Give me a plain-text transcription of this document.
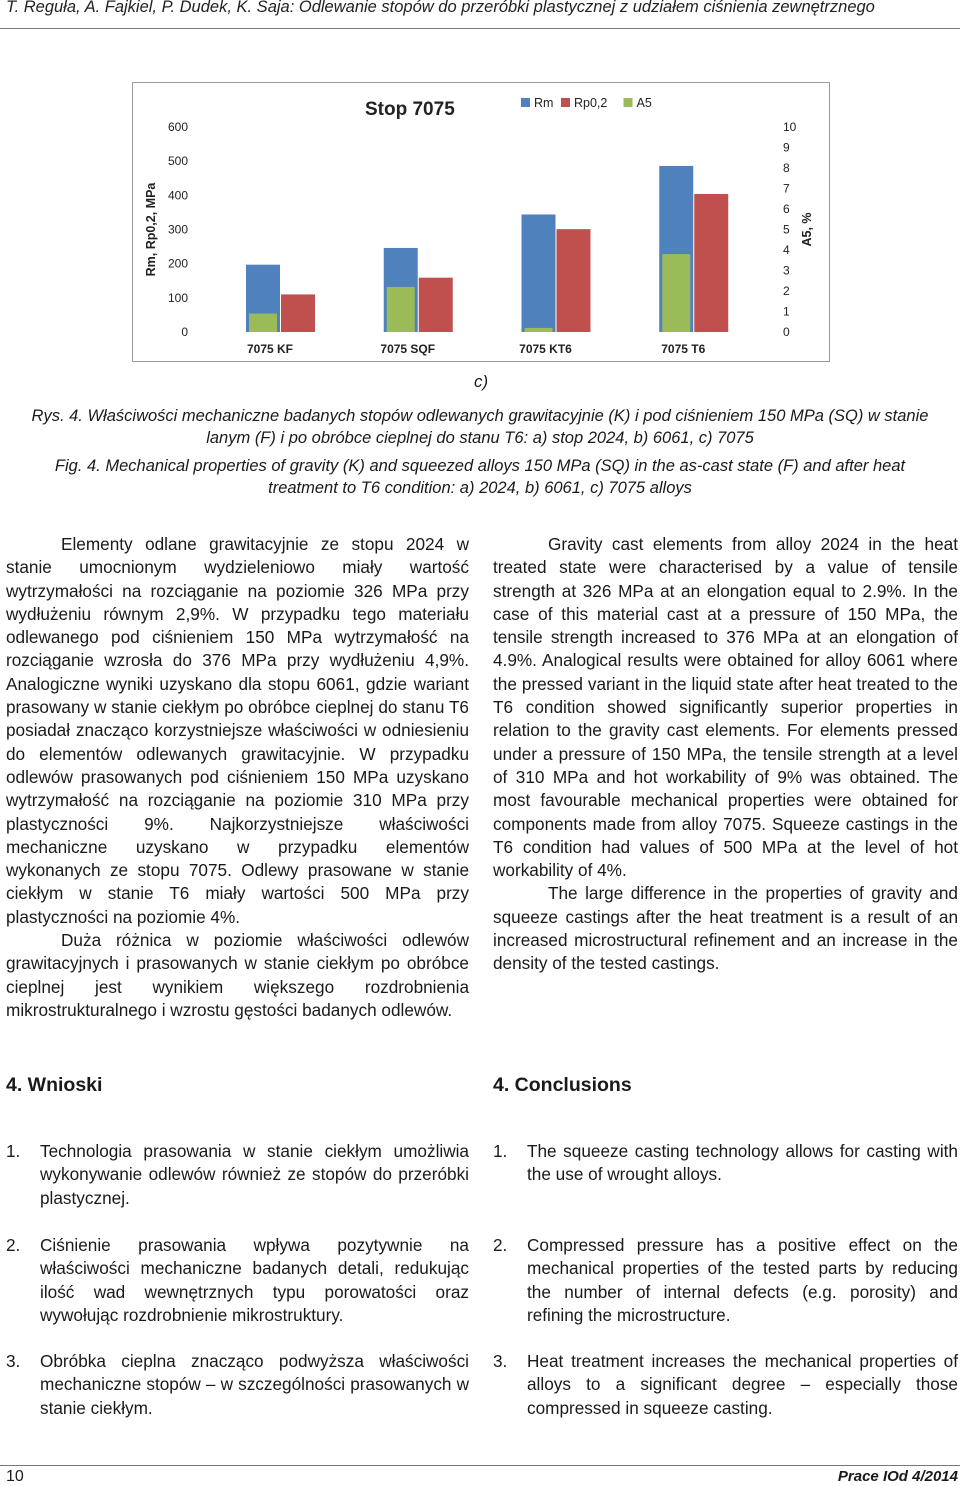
T. Reguła, A. Fajkiel, P. Dudek, K. Saja: Odlewanie stopów do przeróbki plastycznej z udziałem ciśnienia zewnętrznego
Stop 7075	Rm Rp0,2 A5
0
100
200
300
400
500
600
0
1
2
3
4
5
6
7
8
9
10
Rm, Rp0,2, MPa	A5, %
7075 KF	7075 SQF	7075 KT6	7075 T6
c)
Rys. 4. Właściwości mechaniczne badanych stopów odlewanych grawitacyjnie (K) i pod ciśnieniem 150 MPa (SQ) w stanie lanym (F) i po obróbce cieplnej do stanu T6: a) stop 2024, b) 6061, c) 7075
Fig. 4. Mechanical properties of gravity (K) and squeezed alloys 150 MPa (SQ) in the as-cast state (F) and after heat treatment to T6 condition: a) 2024, b) 6061, c) 7075 alloys

Elementy odlane grawitacyjnie ze stopu 2024 w stanie umocnionym wydzieleniowo miały wartość wytrzymałości na rozciąganie na poziomie 326 MPa przy wydłużeniu równym 2,9%. W przypadku tego materiału odlewanego pod ciśnieniem 150 MPa wytrzymałość na rozciąganie wzrosła do 376 MPa przy wydłużeniu 4,9%. Analogiczne wyniki uzyskano dla stopu 6061, gdzie wariant prasowany w stanie ciekłym po obróbce cieplnej do stanu T6 posiadał znacząco korzystniejsze właściwości w odniesieniu do elementów odlewanych grawitacyjnie. W przypadku odlewów prasowanych pod ciśnieniem 150 MPa uzyskano wytrzymałość na rozciąganie na poziomie 310 MPa przy plastyczności 9%. Najkorzystniejsze właściwości mechaniczne uzyskano w przypadku elementów wykonanych ze stopu 7075. Odlewy prasowane w stanie ciekłym w stanie T6 miały wartości 500 MPa przy plastyczności na poziomie 4%.

Duża różnica w poziomie właściwości odlewów grawitacyjnych i prasowanych w stanie ciekłym po obróbce cieplnej jest wynikiem większego rozdrobnienia mikrostrukturalnego i wzrostu gęstości badanych odlewów.

Gravity cast elements from alloy 2024 in the heat treated state were characterised by a value of tensile strength at 326 MPa at an elongation equal to 2.9%. In the case of this material cast at a pressure of 150 MPa, the tensile strength increased to 376 MPa at an elongation of 4.9%. Analogical results were obtained for alloy 6061 where the pressed variant in the liquid state after heat treated to the T6 condition showed significantly superior properties in relation to the gravity cast elements. For elements pressed under a pressure of 150 MPa, the tensile strength at a level of 310 MPa and hot workability of 9% was obtained. The most favourable mechanical properties were obtained for components made from alloy 7075. Squeeze castings in the T6 condition had values of 500 MPa at the level of hot workability of 4%.

The large difference in the properties of gravity and squeeze castings after the heat treatment is a result of an increased microstructural refinement and an increase in the density of the tested castings.

4. Wnioski	4. Conclusions
1. Technologia prasowania w stanie ciekłym umożliwia wykonywanie odlewów również ze stopów do przeróbki plastycznej.
2. Ciśnienie prasowania wpływa pozytywnie na właściwości mechaniczne badanych detali, redukując ilość wad wewnętrznych typu porowatości oraz wywołując rozdrobnienie mikrostruktury.
3. Obróbka cieplna znacząco podwyższa właściwości mechaniczne stopów – w szczególności prasowanych w stanie ciekłym.
1. The squeeze casting technology allows for casting with the use of wrought alloys.
2. Compressed pressure has a positive effect on the mechanical properties of the tested parts by reducing the number of internal defects (e.g. porosity) and refining the microstructure.
3. Heat treatment increases the mechanical properties of alloys to a significant degree – especially those compressed in squeeze casting.
10	Prace IOd 4/2014
